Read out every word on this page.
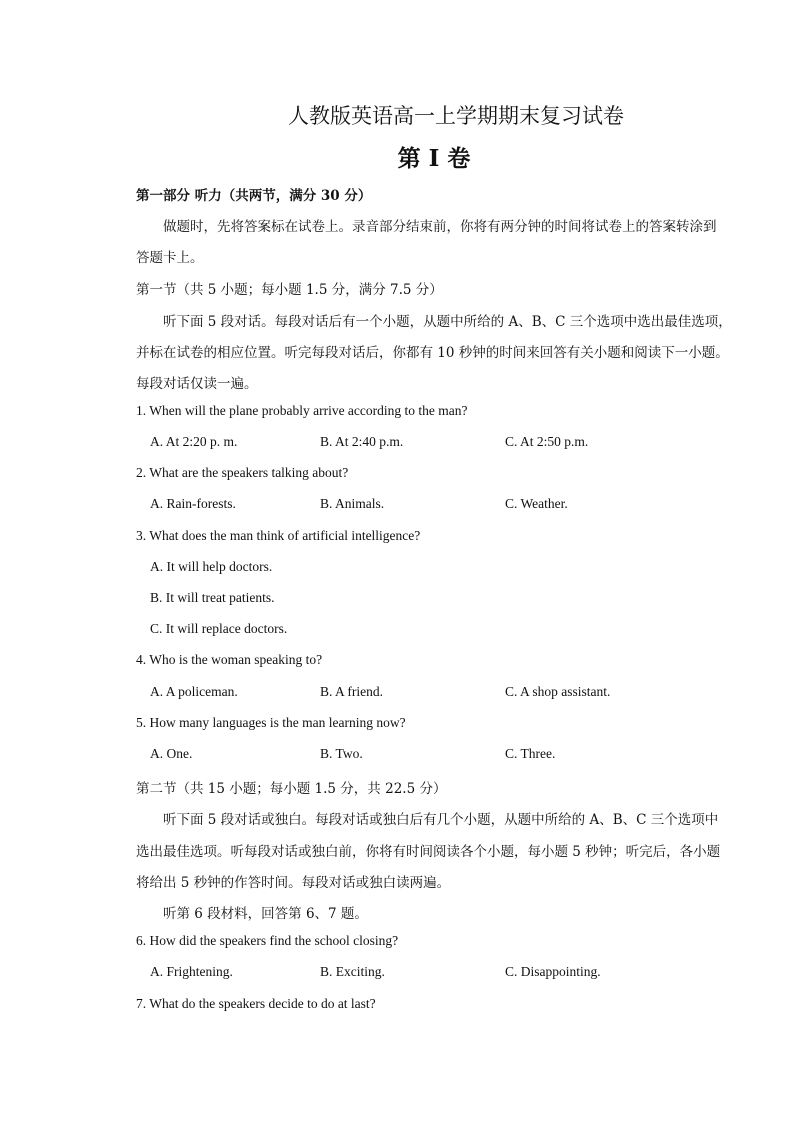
人教版英语高一上学期期末复习试卷
第 I 卷
第一部分 听力（共两节，满分 30 分）
做题时，先将答案标在试卷上。录音部分结束前，你将有两分钟的时间将试卷上的答案转涂到
答题卡上。
第一节（共 5 小题；每小题 1.5 分，满分 7.5 分）
听下面 5 段对话。每段对话后有一个小题，从题中所给的 A、B、C 三个选项中选出最佳选项，
并标在试卷的相应位置。听完每段对话后，你都有 10 秒钟的时间来回答有关小题和阅读下一小题。
每段对话仅读一遍。
1. When will the plane probably arrive according to the man?
A. At 2:20 p. m.	B. At 2:40 p.m.	C. At 2:50 p.m.
2. What are the speakers talking about?
A. Rain-forests.	B. Animals.	C. Weather.
3. What does the man think of artificial intelligence?
A. It will help doctors.
B. It will treat patients.
C. It will replace doctors.
4. Who is the woman speaking to?
A. A policeman.	B. A friend.	C. A shop assistant.
5. How many languages is the man learning now?
A. One.	B. Two.	C. Three.
第二节（共 15 小题；每小题 1.5 分，共 22.5 分）
听下面 5 段对话或独白。每段对话或独白后有几个小题，从题中所给的 A、B、C 三个选项中
选出最佳选项。听每段对话或独白前，你将有时间阅读各个小题，每小题 5 秒钟；听完后，各小题
将给出 5 秒钟的作答时间。每段对话或独白读两遍。
听第 6 段材料，回答第 6、7 题。
6. How did the speakers find the school closing?
A. Frightening.	B. Exciting.	C. Disappointing.
7. What do the speakers decide to do at last?
